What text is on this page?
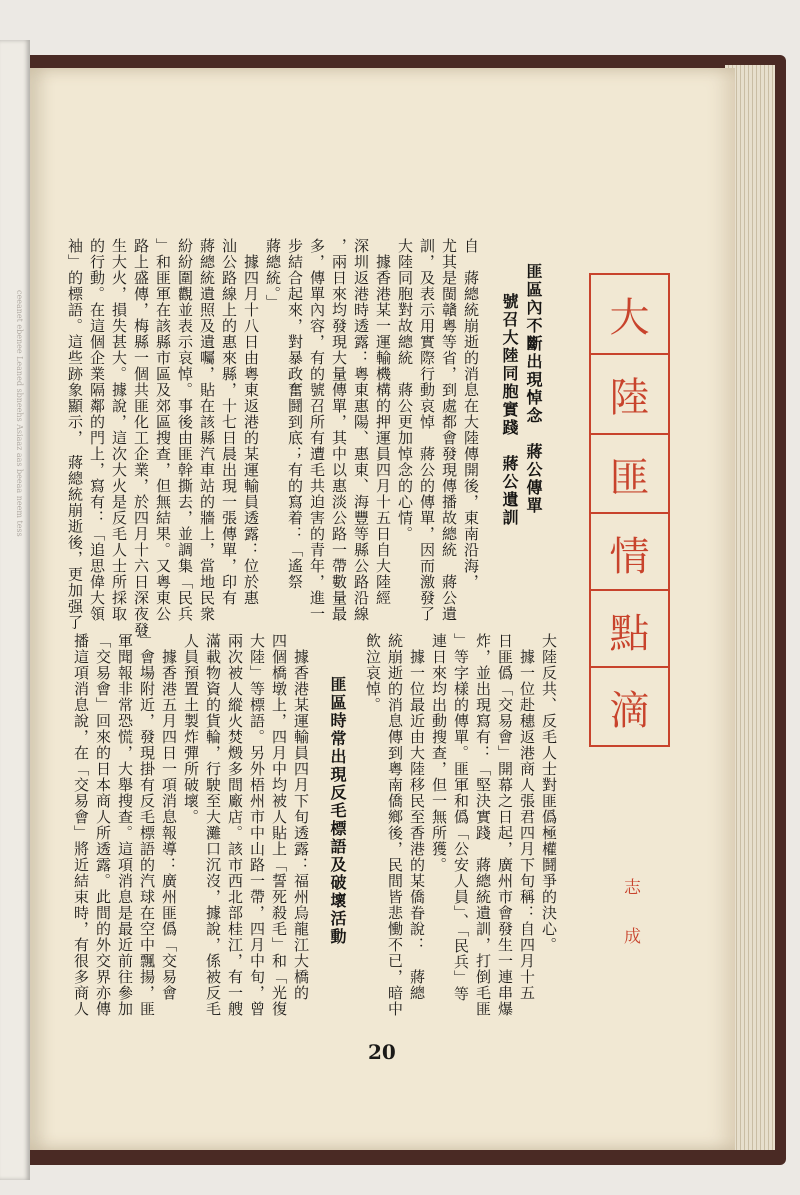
ceeanet ebenee Leaned sbneehs Asiaaz aas beeaa neem tess	大
陸
匪
情
點
滴
志成
匪區內不斷出現悼念　蔣公傳單
號召大陸同胞實踐　蔣公遺訓
自　蔣總統崩逝的消息在大陸傳開後，東南沿海，
尤其是閩贛粵等省，到處都會發現傳播故總統　蔣公遺
訓，及表示用實際行動哀悼　蔣公的傳單，因而激發了
大陸同胞對故總統　蔣公更加悼念的心情。
　據香港某一運輸機構的押運員四月十五日自大陸經
深圳返港時透露：粵東惠陽、惠東、海豐等縣公路沿線
，兩日來均發現大量傳單，其中以惠淡公路一帶數量最
多，傳單內容，有的號召所有遭毛共迫害的青年，進一
步結合起來，對暴政奮鬪到底；有的寫着：「遙祭
蔣總統。」
　據四月十八日由粵東返港的某運輸員透露：位於惠
汕公路線上的惠來縣，十七日晨出現一張傳單，印有
蔣總統遺照及遺囑，貼在該縣汽車站的牆上，當地民衆
紛紛圍觀並表示哀悼。事後由匪幹撕去，並調集「民兵
」和匪軍在該縣市區及郊區搜查，但無結果。又粵東公
路上盛傳，梅縣一個共匪化工企業，於四月十六日深夜發
生大火，損失甚大。據說，這次大火是反毛人士所採取
的行動。在這個企業隔鄰的門上，寫有：「追思偉大領
袖」的標語。這些跡象顯示，　蔣總統崩逝後，更加强了
大陸反共、反毛人士對匪僞極權鬪爭的決心。
　據一位赴穗返港商人張君四月下旬稱：自四月十五
日匪僞「交易會」開幕之日起，廣州市會發生一連串爆
炸，並出現寫有：「堅決實踐　蔣總統遺訓，打倒毛匪
」等字樣的傳單。匪軍和僞「公安人員」、「民兵」等
連日來均出動搜查，但一無所獲。
　據一位最近由大陸移民至香港的某僑眷說：　蔣總
統崩逝的消息傳到粵南僑鄉後，民間皆悲慟不已，暗中
飲泣哀悼。
匪區時常出現反毛標語及破壞活動
　據香港某運輸員四月下旬透露：福州烏龍江大橋的
四個橋墩上，四月中均被人貼上「誓死殺毛」和「光復
大陸」等標語。另外梧州市中山路一帶，四月中旬，曾
兩次被人縱火焚燬多間廠店。該市西北部桂江，有一艘
滿載物資的貨輪，行駛至大灘口沉沒，據說，係被反毛
人員預置土製炸彈所破壞。
　據香港五月四日一項消息報導：廣州匪僞「交易會
」會場附近，發現掛有反毛標語的汽球在空中飄揚，匪
軍聞報非常恐慌，大舉搜查。這項消息是最近前往參加
「交易會」回來的日本商人所透露。此間的外交界亦傳
播這項消息說，在「交易會」將近結束時，有很多商人
20
